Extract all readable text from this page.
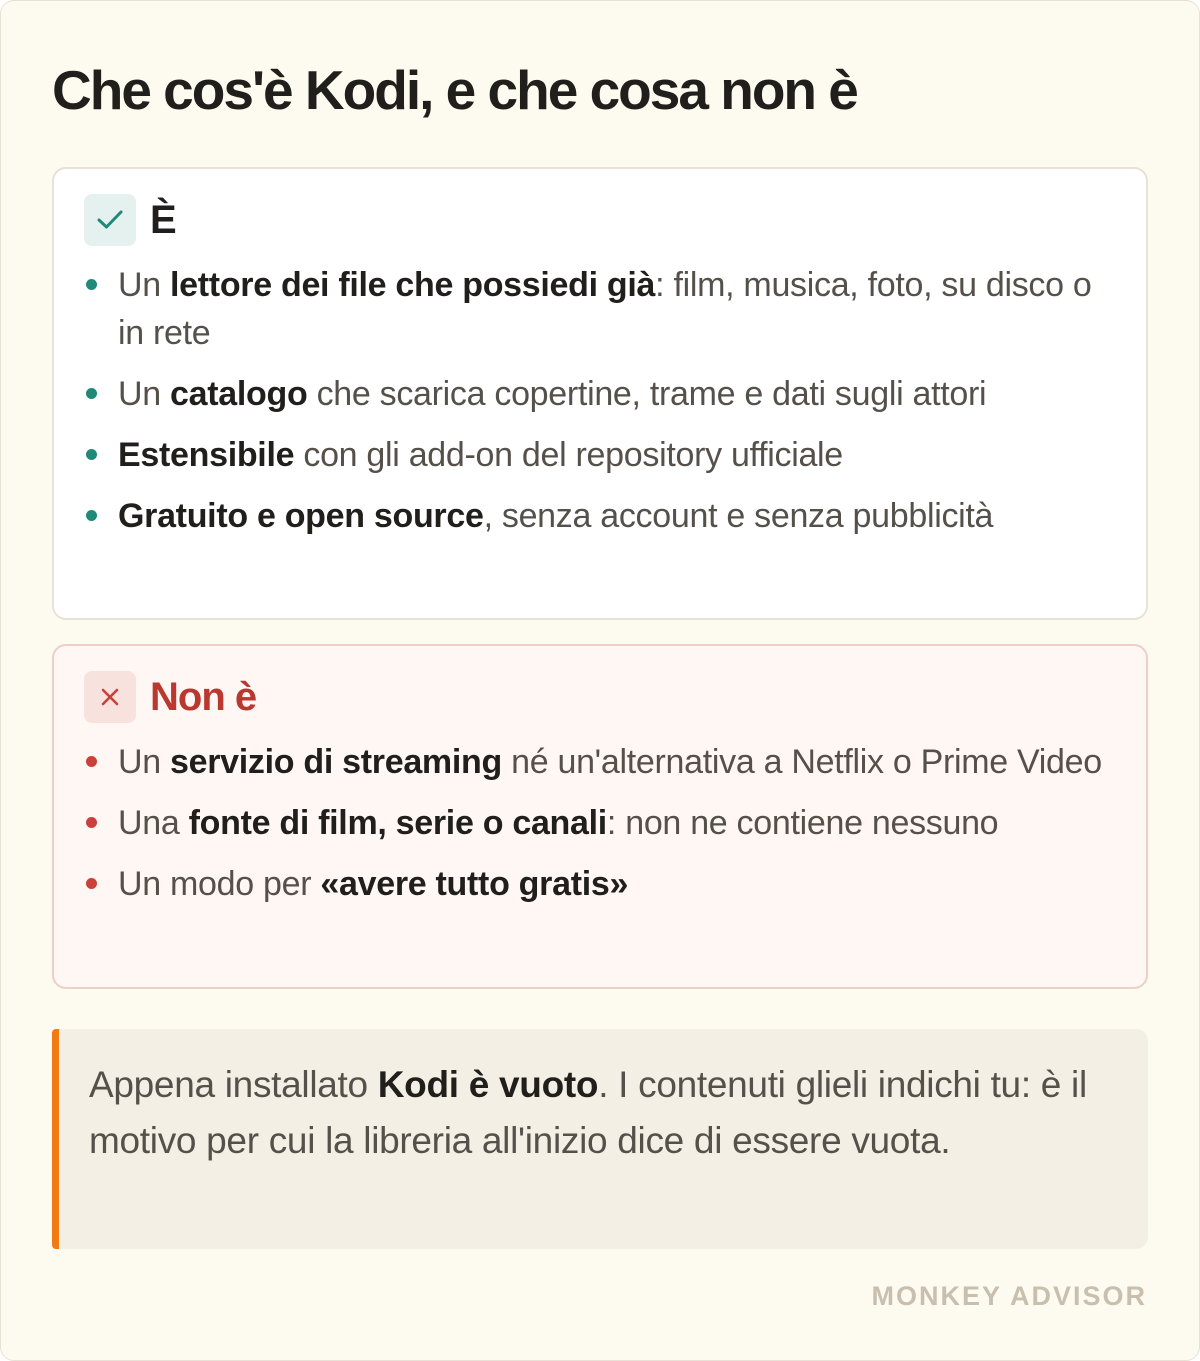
Che cos'è Kodi, e che cosa non è
È
Un lettore dei file che possiedi già: film, musica, foto, su disco o in rete
Un catalogo che scarica copertine, trame e dati sugli attori
Estensibile con gli add-on del repository ufficiale
Gratuito e open source, senza account e senza pubblicità
Non è
Un servizio di streaming né un'alternativa a Netflix o Prime Video
Una fonte di film, serie o canali: non ne contiene nessuno
Un modo per «avere tutto gratis»
Appena installato Kodi è vuoto. I contenuti glieli indichi tu: è il motivo per cui la libreria all'inizio dice di essere vuota.
MONKEY ADVISOR
